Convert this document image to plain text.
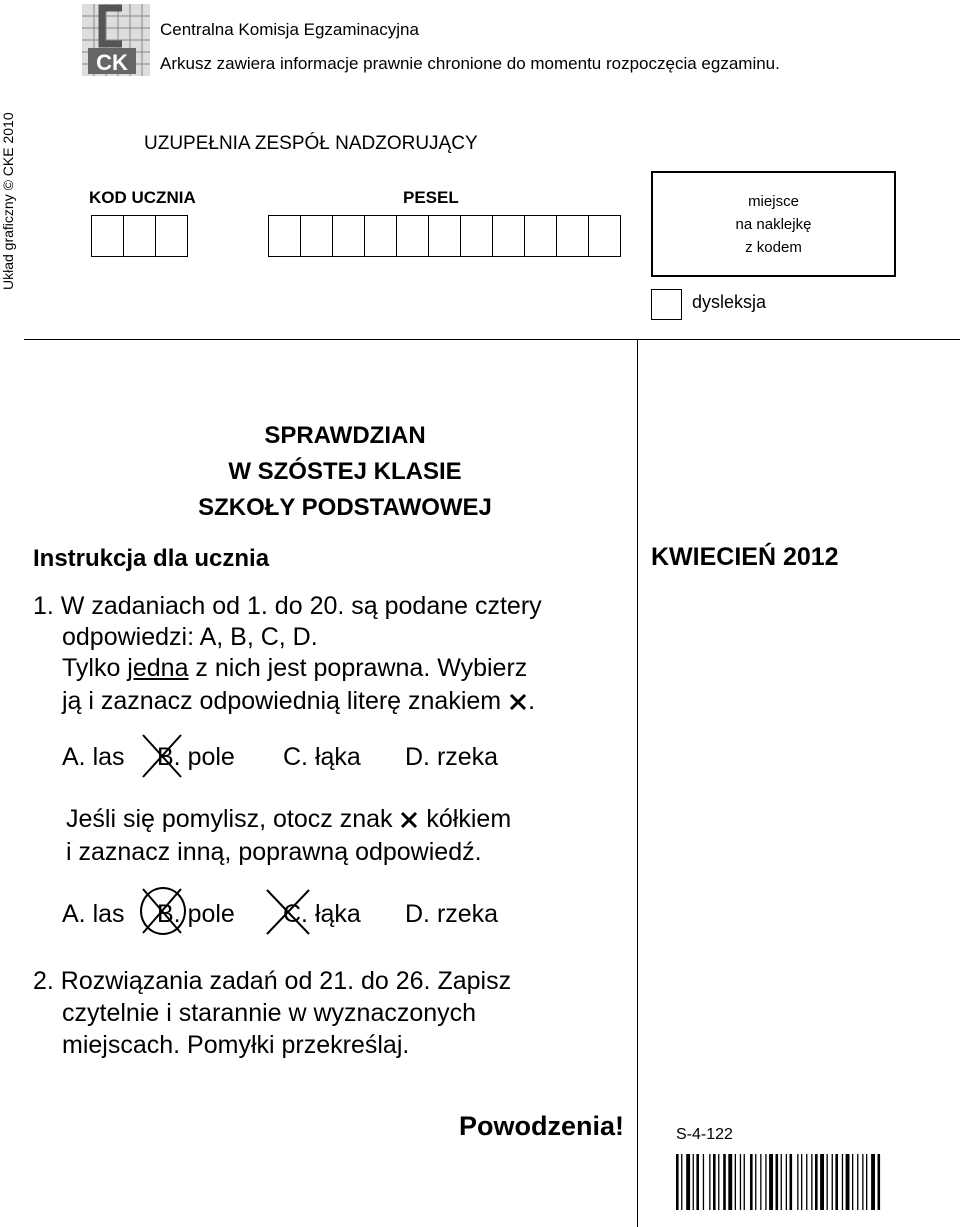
CK
Centralna Komisja Egzaminacyjna
Arkusz zawiera informacje prawnie chronione do momentu rozpoczęcia egzaminu.
Układ graficzny © CKE 2010	UZUPEŁNIA ZESPÓŁ NADZORUJĄCY
KOD UCZNIA	PESEL	miejsce
na naklejkę
z kodem
dysleksja
SPRAWDZIAN
W SZÓSTEJ KLASIE
SZKOŁY PODSTAWOWEJ
KWIECIEŃ 2012
Instrukcja dla ucznia
1. W zadaniach od 1. do 20. są podane cztery
odpowiedzi: A, B, C, D.
Tylko jedna z nich jest poprawna. Wybierz
ją i zaznacz odpowiednią literę znakiem .
A. las B. pole C. łąka D. rzeka
Jeśli się pomylisz, otocz znak  kółkiem
i zaznacz inną, poprawną odpowiedź.
A. las B. pole C. łąka D. rzeka
2. Rozwiązania zadań od 21. do 26. Zapisz
czytelnie i starannie w wyznaczonych
miejscach. Pomyłki przekreślaj.
Powodzenia!	S-4-122
